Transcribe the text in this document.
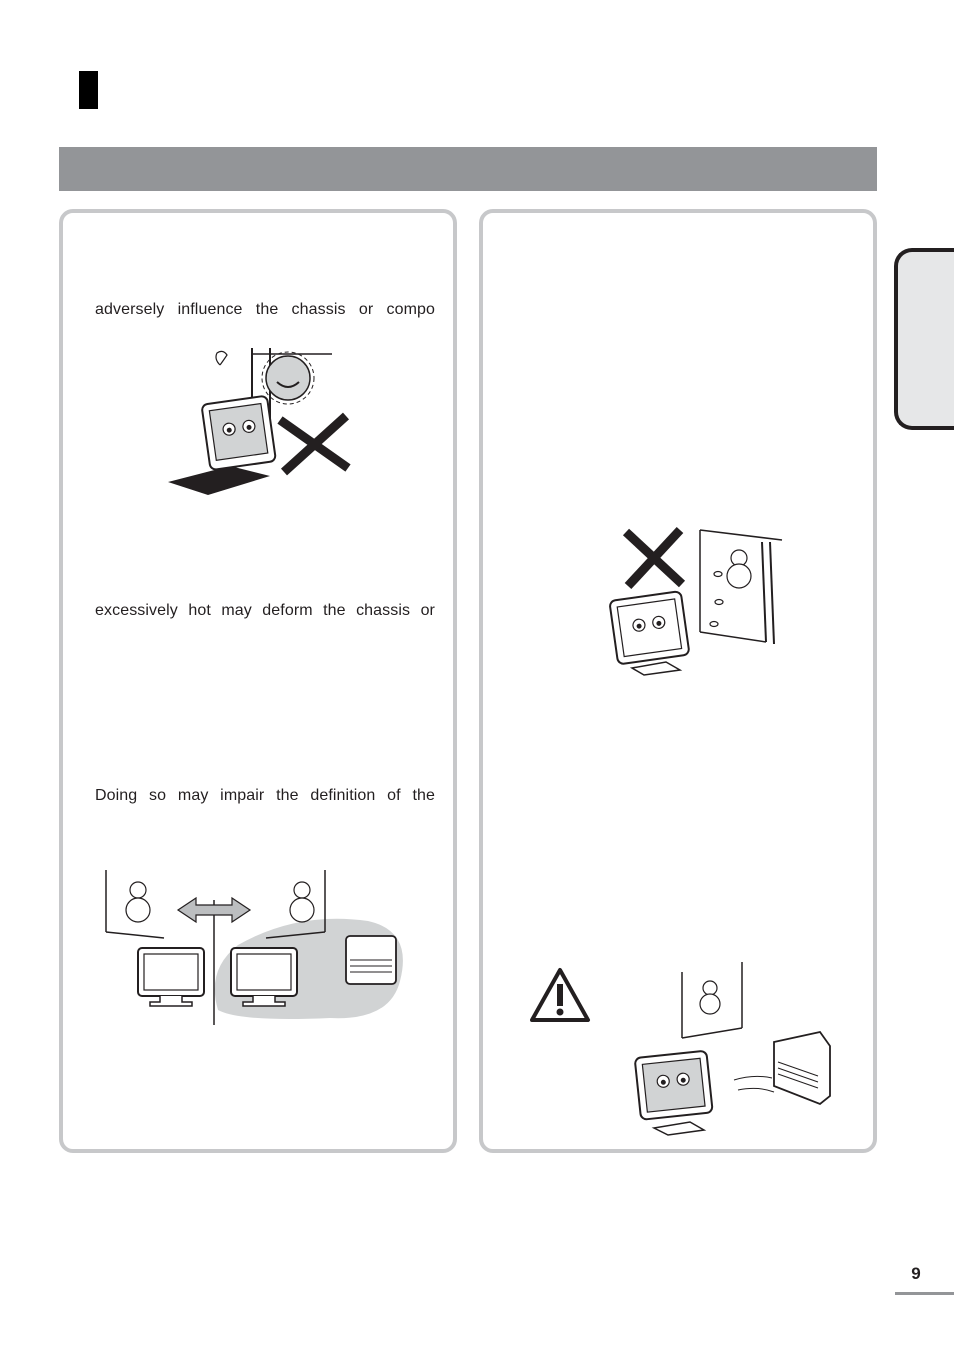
adversely influence the chassis or compo
excessively hot may deform the chassis or
Doing so may impair the definition of the
9
